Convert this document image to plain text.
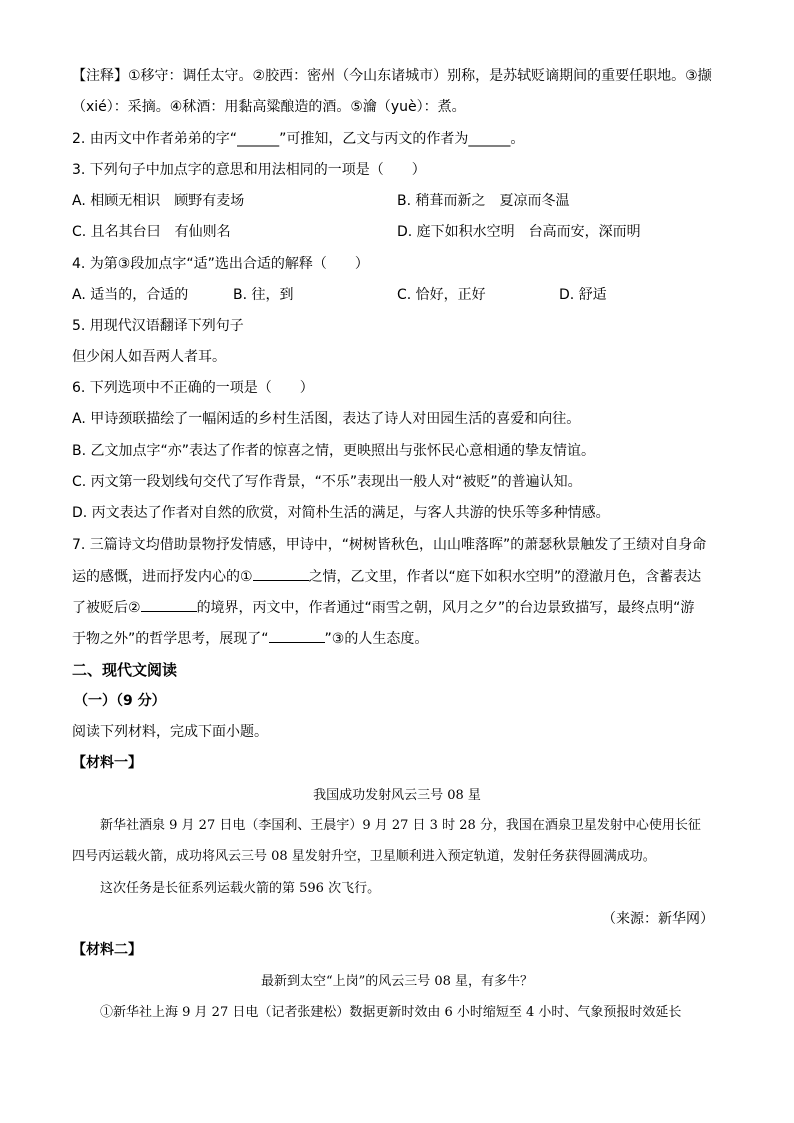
【注释】①移守：调任太守。②胶西：密州（今山东诸城市）别称，是苏轼贬谪期间的重要任职地。③撷
（xié）：采摘。④秫酒：用黏高粱酿造的酒。⑤瀹（yuè）：煮。
2. 由丙文中作者弟弟的字“______”可推知，乙文与丙文的作者为______。
3. 下列句子中加点字的意思和用法相同的一项是（　　）
A. 相顾无相识　顾野有麦场	B. 稍葺而新之　夏凉而冬温
C. 且名其台曰　有仙则名	D. 庭下如积水空明　台高而安，深而明
4. 为第③段加点字“适”选出合适的解释（　　）
A. 适当的，合适的	B. 往，到	C. 恰好，正好	D. 舒适
5. 用现代汉语翻译下列句子
但少闲人如吾两人者耳。
6. 下列选项中不正确的一项是（　　）
A. 甲诗颈联描绘了一幅闲适的乡村生活图，表达了诗人对田园生活的喜爱和向往。
B. 乙文加点字“亦”表达了作者的惊喜之情，更映照出与张怀民心意相通的挚友情谊。
C. 丙文第一段划线句交代了写作背景，“不乐”表现出一般人对“被贬”的普遍认知。
D. 丙文表达了作者对自然的欣赏，对简朴生活的满足，与客人共游的快乐等多种情感。
7. 三篇诗文均借助景物抒发情感，甲诗中，“树树皆秋色，山山唯落晖”的萧瑟秋景触发了王绩对自身命
运的感慨，进而抒发内心的①	之情，乙文里，作者以“庭下如积水空明”的澄澈月色，含蓄表达
了被贬后②	的境界，丙文中，作者通过“雨雪之朝，风月之夕”的台边景致描写，最终点明“游
于物之外”的哲学思考，展现了“	”③的人生态度。
二、现代文阅读
（一）（9 分）
阅读下列材料，完成下面小题。
【材料一】
我国成功发射风云三号 08 星
新华社酒泉 9 月 27 日电（李国利、王晨宇）9 月 27 日 3 时 28 分，我国在酒泉卫星发射中心使用长征
四号丙运载火箭，成功将风云三号 08 星发射升空，卫星顺利进入预定轨道，发射任务获得圆满成功。
这次任务是长征系列运载火箭的第 596 次飞行。
（来源：新华网）
【材料二】
最新到太空“上岗”的风云三号 08 星，有多牛？
①新华社上海 9 月 27 日电（记者张建松）数据更新时效由 6 小时缩短至 4 小时、气象预报时效延长
